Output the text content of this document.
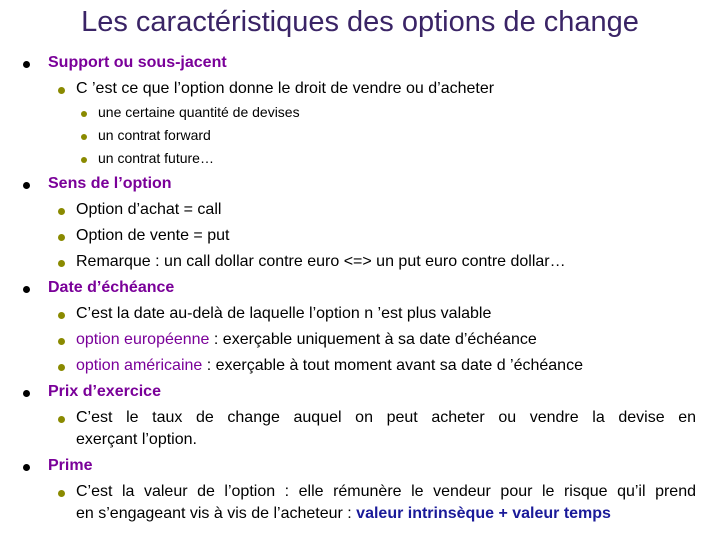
Les caractéristiques des options de change
Support ou sous-jacent
C ’est ce que l’option donne le droit de vendre ou d’acheter
une certaine quantité de devises
un contrat forward
un contrat future…
Sens de l’option
Option d’achat = call
Option de vente = put
Remarque : un call dollar contre euro <=> un put euro contre dollar…
Date d’échéance
C’est la date au-delà de laquelle l’option n ’est plus valable
option européenne : exerçable uniquement à sa date d’échéance
option américaine : exerçable à tout moment avant sa date d ’échéance
Prix d’exercice
C’est le taux de change auquel on peut acheter ou vendre la devise en
exerçant l’option.
Prime
C’est la valeur de l’option : elle rémunère le vendeur pour le risque qu’il prend
en s’engageant vis à vis de l’acheteur : valeur intrinsèque + valeur temps
